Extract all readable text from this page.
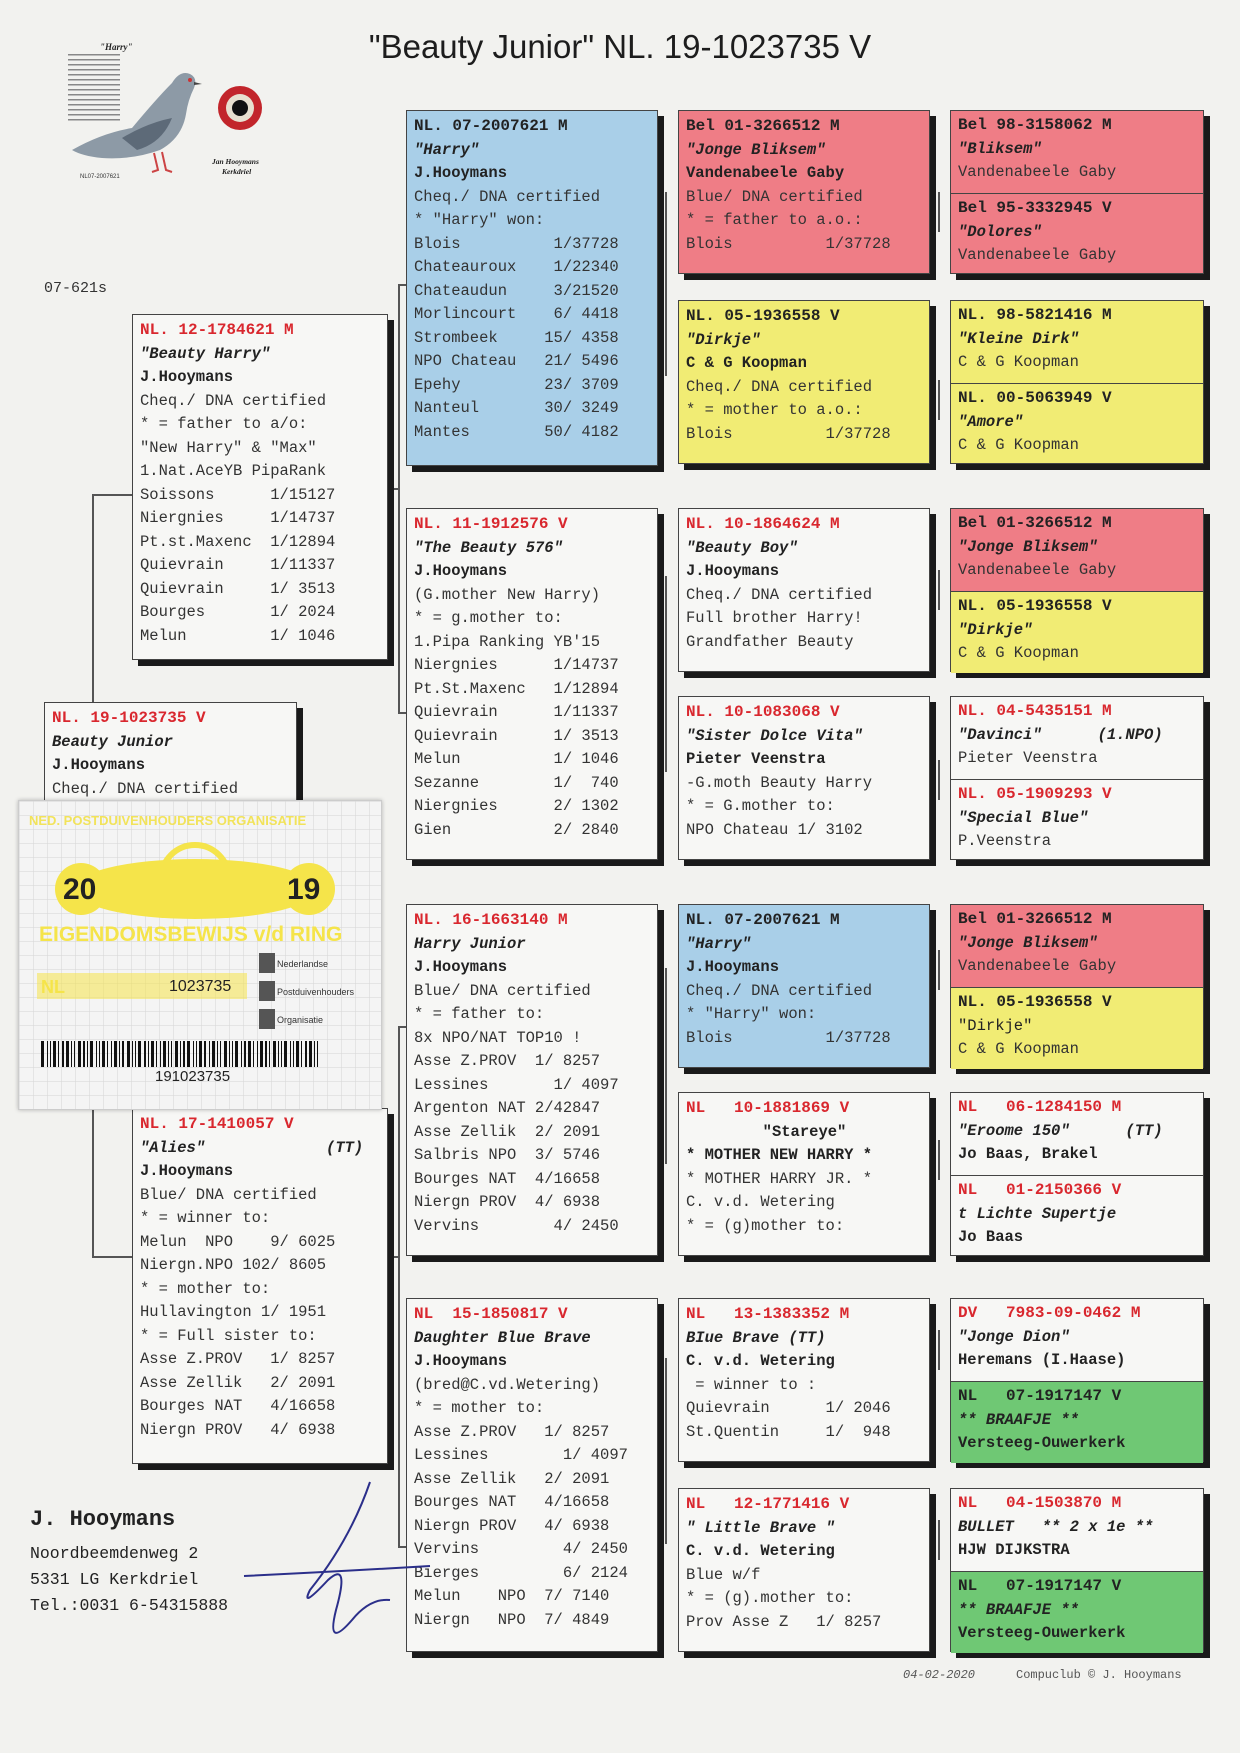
"Beauty Junior" NL. 19-1023735 V
07-621s
"Harry"
NL07-2007621
Jan Hooymans
Kerkdriel
NL. 19-1023735 V
Beauty Junior
J.Hooymans
Cheq./ DNA certified
NL. 12-1784621 M
"Beauty Harry"
J.Hooymans
Cheq./ DNA certified
* = father to a/o:
"New Harry" & "Max"
1.Nat.AceYB PipaRank
Soissons      1/15127
Niergnies     1/14737
Pt.st.Maxenc  1/12894
Quievrain     1/11337
Quievrain     1/ 3513
Bourges       1/ 2024
Melun         1/ 1046
NL. 17-1410057 V
"Alies"             (TT)
J.Hooymans
Blue/ DNA certified
* = winner to:
Melun  NPO    9/ 6025
Niergn.NPO 102/ 8605
* = mother to:
Hullavington 1/ 1951
* = Full sister to:
Asse Z.PROV   1/ 8257
Asse Zellik   2/ 2091
Bourges NAT   4/16658
Niergn PROV   4/ 6938
NL. 07-2007621 M
"Harry"
J.Hooymans
Cheq./ DNA certified
* "Harry" won:
Blois          1/37728
Chateauroux    1/22340
Chateaudun     3/21520
Morlincourt    6/ 4418
Strombeek     15/ 4358
NPO Chateau   21/ 5496
Epehy         23/ 3709
Nanteul       30/ 3249
Mantes        50/ 4182
NL. 11-1912576 V
"The Beauty 576"
J.Hooymans
(G.mother New Harry)
* = g.mother to:
1.Pipa Ranking YB'15
Niergnies      1/14737
Pt.St.Maxenc   1/12894
Quievrain      1/11337
Quievrain      1/ 3513
Melun          1/ 1046
Sezanne        1/  740
Niergnies      2/ 1302
Gien           2/ 2840
NL. 16-1663140 M
Harry Junior
J.Hooymans
Blue/ DNA certified
* = father to:
8x NPO/NAT TOP10 !
Asse Z.PROV  1/ 8257
Lessines       1/ 4097
Argenton NAT 2/42847
Asse Zellik  2/ 2091
Salbris NPO  3/ 5746
Bourges NAT  4/16658
Niergn PROV  4/ 6938
Vervins        4/ 2450
NL  15-1850817 V
Daughter Blue Brave
J.Hooymans
(bred@C.vd.Wetering)
* = mother to:
Asse Z.PROV   1/ 8257
Lessines        1/ 4097
Asse Zellik   2/ 2091
Bourges NAT   4/16658
Niergn PROV   4/ 6938
Vervins         4/ 2450
Bierges         6/ 2124
Melun    NPO  7/ 7140
Niergn   NPO  7/ 4849
Bel 01-3266512 M
"Jonge Bliksem"
Vandenabeele Gaby
Blue/ DNA certified
* = father to a.o.:
Blois          1/37728
NL. 05-1936558 V
"Dirkje"
C & G Koopman
Cheq./ DNA certified
* = mother to a.o.:
Blois          1/37728
NL. 10-1864624 M
"Beauty Boy"
J.Hooymans
Cheq./ DNA certified
Full brother Harry!
Grandfather Beauty
NL. 10-1083068 V
"Sister Dolce Vita"
Pieter Veenstra
-G.moth Beauty Harry
* = G.mother to:
NPO Chateau 1/ 3102
NL. 07-2007621 M
"Harry"
J.Hooymans
Cheq./ DNA certified
* "Harry" won:
Blois          1/37728
NL   10-1881869 V
"Stareye"
* MOTHER NEW HARRY *
* MOTHER HARRY JR. *
C. v.d. Wetering
* = (g)mother to:
NL   13-1383352 M
BIue Brave (TT)
C. v.d. Wetering
= winner to :
Quievrain      1/ 2046
St.Quentin     1/  948
NL   12-1771416 V
" Little Brave "
C. v.d. Wetering
Blue w/f
* = (g).mother to:
Prov Asse Z   1/ 8257
Bel 98-3158062 M
"Bliksem"
Vandenabeele Gaby
Bel 95-3332945 V
"Dolores"
Vandenabeele Gaby
NL. 98-5821416 M
"Kleine Dirk"
C & G Koopman
NL. 00-5063949 V
"Amore"
C & G Koopman
Bel 01-3266512 M
"Jonge Bliksem"
Vandenabeele Gaby
NL. 05-1936558 V
"Dirkje"
C & G Koopman
NL. 04-5435151 M
"Davinci"      (1.NPO)
Pieter Veenstra
NL. 05-1909293 V
"Special Blue"
P.Veenstra
Bel 01-3266512 M
"Jonge Bliksem"
Vandenabeele Gaby
NL. 05-1936558 V
"Dirkje"
C & G Koopman
NL   06-1284150 M
"Eroome 150"      (TT)
Jo Baas, Brakel
NL   01-2150366 V
t Lichte Supertje
Jo Baas
DV   7983-09-0462 M
"Jonge Dion"
Heremans (I.Haase)
NL   07-1917147 V
** BRAAFJE **
Versteeg-Ouwerkerk
NL   04-1503870 M
BULLET   ** 2 x 1e **
HJW DIJKSTRA
NL   07-1917147 V
** BRAAFJE **
Versteeg-Ouwerkerk
NED. POSTDUIVENHOUDERS ORGANISATIE
20	19
EIGENDOMSBEWIJS v/d RING
NL	1023735
Nederlandse
Postduivenhouders
Organisatie
191023735
J. Hooymans
Noordbeemdenweg 2
5331 LG Kerkdriel
Tel.:0031 6-54315888
04-02-2020	Compuclub © J. Hooymans
